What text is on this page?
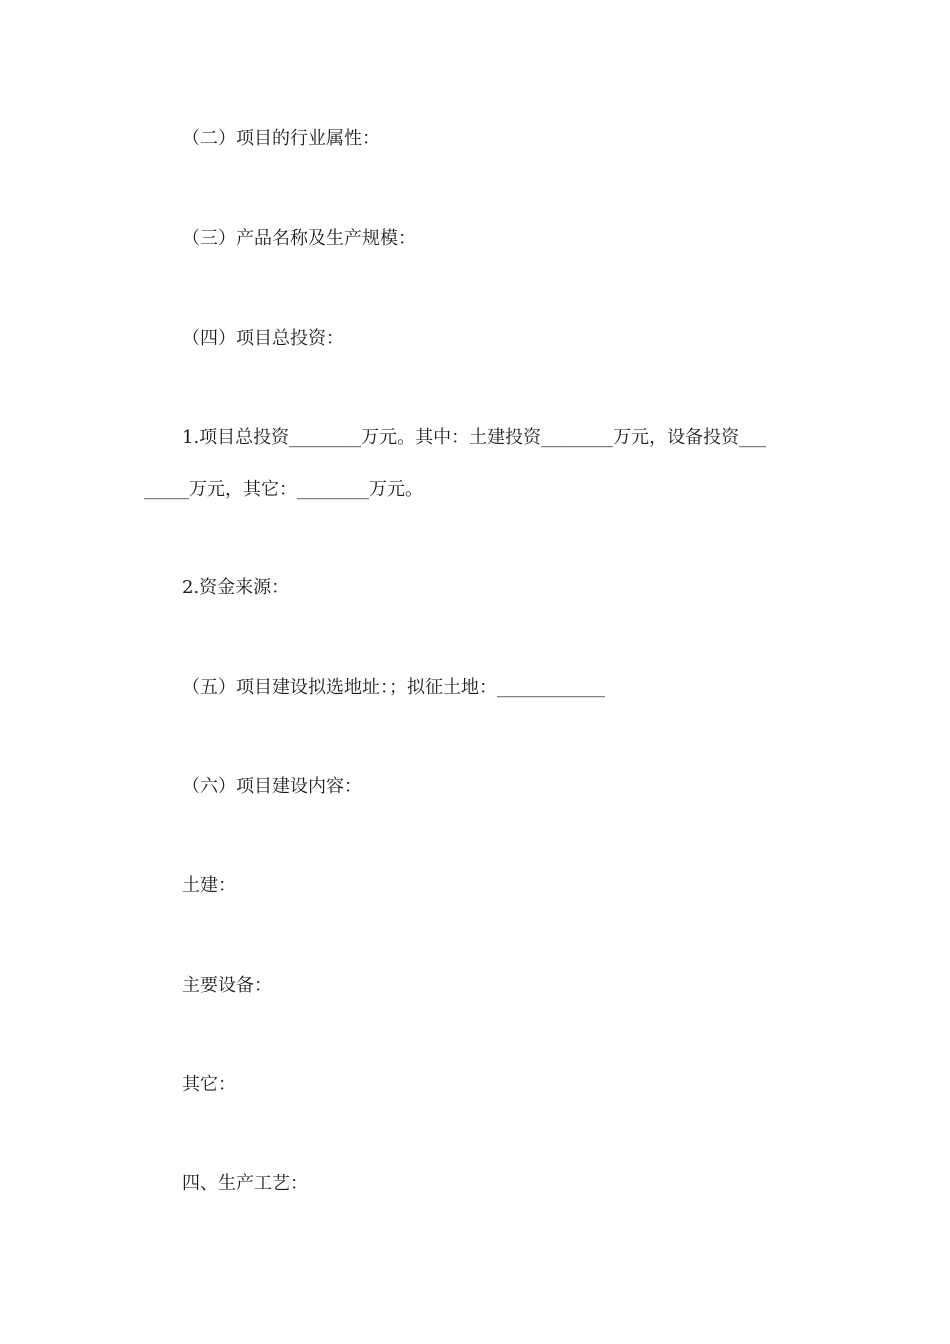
（二）项目的行业属性：
（三）产品名称及生产规模：
（四）项目总投资：
1.项目总投资________万元。其中：土建投资________万元，设备投资___
_____万元，其它：________万元。
2.资金来源：
（五）项目建设拟选地址：；拟征土地：____________
（六）项目建设内容：
土建：
主要设备：
其它：
四、生产工艺：
